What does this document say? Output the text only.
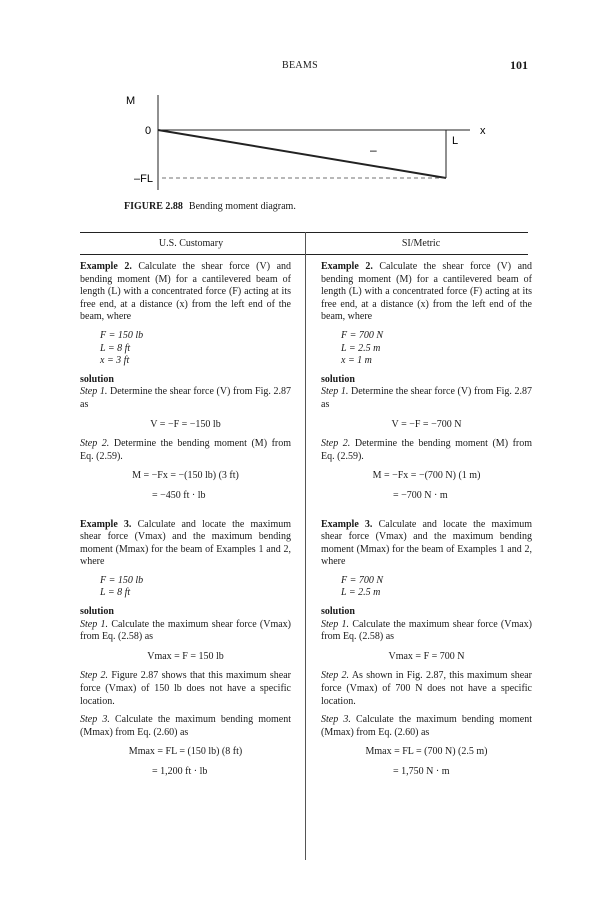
BEAMS	101
M
0	x
L
–
–FL
FIGURE 2.88 Bending moment diagram.
U.S. Customary	SI/Metric

Example 2. Calculate the shear force (V) and bending moment (M) for a cantilevered beam of length (L) with a concentrated force (F) acting at its free end, at a distance (x) from the left end of the beam, where

F = 150 lb
L = 8 ft
x = 3 ft
solution

Step 1. Determine the shear force (V) from Fig. 2.87 as

V = −F = −150 lb

Step 2. Determine the bending moment (M) from Eq. (2.59).

M = −Fx = −(150 lb) (3 ft)
= −450 ft · lb

Example 3. Calculate and locate the maximum shear force (Vmax) and the maximum bending moment (Mmax) for the beam of Examples 1 and 2, where

F = 150 lb
L = 8 ft
solution

Step 1. Calculate the maximum shear force (Vmax) from Eq. (2.58) as

Vmax = F = 150 lb

Step 2. Figure 2.87 shows that this maximum shear force (Vmax) of 150 lb does not have a specific location.

Step 3. Calculate the maximum bending moment (Mmax) from Eq. (2.60) as

Mmax = FL = (150 lb) (8 ft)
= 1,200 ft · lb

Example 2. Calculate the shear force (V) and bending moment (M) for a cantilevered beam of length (L) with a concentrated force (F) acting at its free end, at a distance (x) from the left end of the beam, where

F = 700 N
L = 2.5 m
x = 1 m
solution

Step 1. Determine the shear force (V) from Fig. 2.87 as

V = −F = −700 N

Step 2. Determine the bending moment (M) from Eq. (2.59).

M = −Fx = −(700 N) (1 m)
= −700 N · m

Example 3. Calculate and locate the maximum shear force (Vmax) and the maximum bending moment (Mmax) for the beam of Examples 1 and 2, where

F = 700 N
L = 2.5 m
solution

Step 1. Calculate the maximum shear force (Vmax) from Eq. (2.58) as

Vmax = F = 700 N

Step 2. As shown in Fig. 2.87, this maximum shear force (Vmax) of 700 N does not have a specific location.

Step 3. Calculate the maximum bending moment (Mmax) from Eq. (2.60) as

Mmax = FL = (700 N) (2.5 m)
= 1,750 N · m
